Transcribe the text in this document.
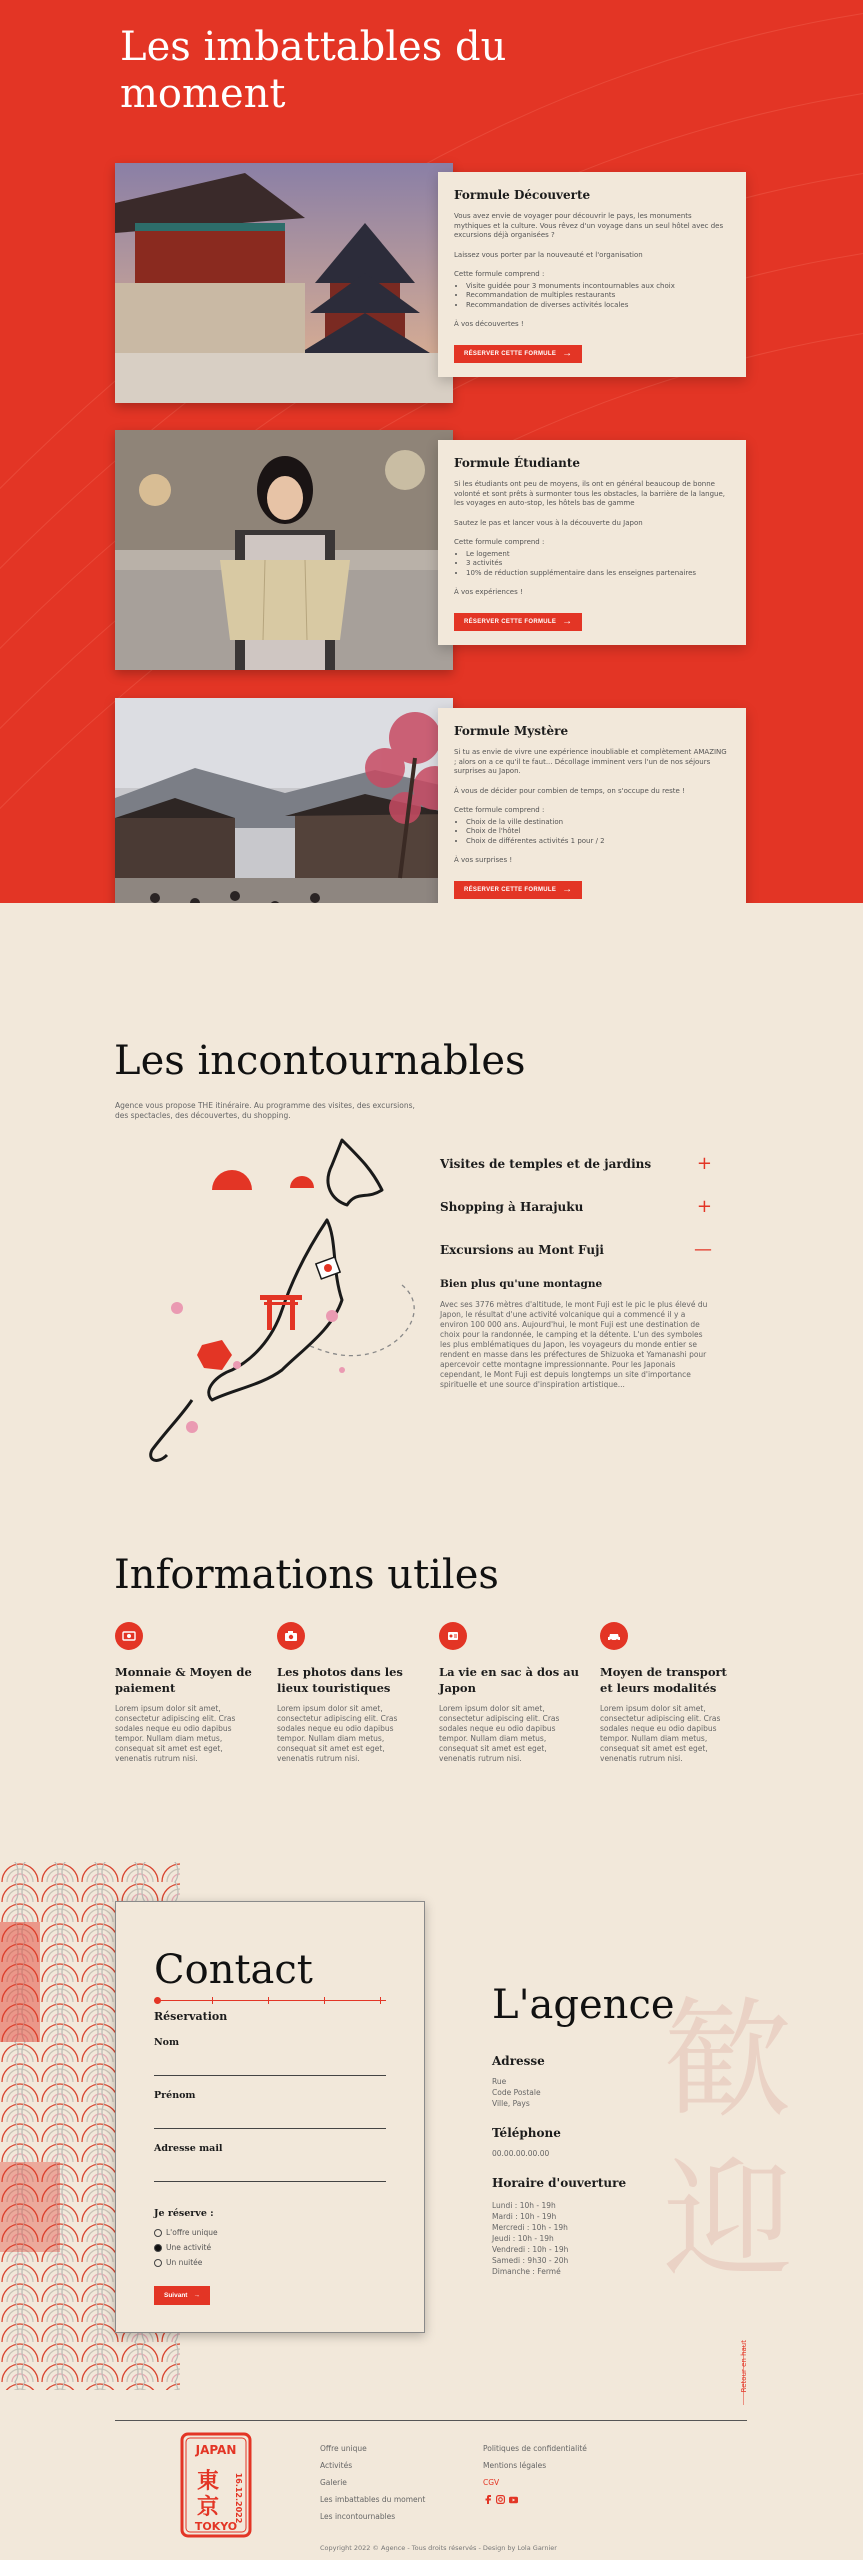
Les imbattables du moment
Formule Découverte

Vous avez envie de voyager pour découvrir le pays, les monuments mythiques et la culture. Vous rêvez d'un voyage dans un seul hôtel avec des excursions déjà organisées ?

Laissez vous porter par la nouveauté et l'organisation

Cette formule comprend :

• Visite guidée pour 3 monuments incontournables aux choix
• Recommandation de multiples restaurants
• Recommandation de diverses activités locales

À vos découvertes !

RÉSERVER CETTE FORMULE →
Formule Étudiante

Si les étudiants ont peu de moyens, ils ont en général beaucoup de bonne volonté et sont prêts à surmonter tous les obstacles, la barrière de la langue, les voyages en auto-stop, les hôtels bas de gamme

Sautez le pas et lancer vous à la découverte du Japon

Cette formule comprend :

• Le logement
• 3 activités
• 10% de réduction supplémentaire dans les enseignes partenaires

À vos expériences !

RÉSERVER CETTE FORMULE →
Formule Mystère

Si tu as envie de vivre une expérience inoubliable et complètement AMAZING ; alors on a ce qu'il te faut... Décollage imminent vers l'un de nos séjours surprises au Japon.

À vous de décider pour combien de temps, on s'occupe du reste !

Cette formule comprend :

• Choix de la ville destination
• Choix de l'hôtel
• Choix de différentes activités 1 pour / 2

À vos surprises !

RÉSERVER CETTE FORMULE →
Les incontournables

Agence vous propose THE itinéraire. Au programme des visites, des excursions, des spectacles, des découvertes, du shopping.

Visites de temples et de jardins	+
Shopping à Harajuku	+
Excursions au Mont Fuji	—
Bien plus qu'une montagne

Avec ses 3776 mètres d'altitude, le mont Fuji est le pic le plus élevé du Japon, le résultat d'une activité volcanique qui a commencé il y a environ 100 000 ans. Aujourd'hui, le mont Fuji est une destination de choix pour la randonnée, le camping et la détente. L'un des symboles les plus emblématiques du Japon, les voyageurs du monde entier se rendent en masse dans les préfectures de Shizuoka et Yamanashi pour apercevoir cette montagne impressionnante. Pour les Japonais cependant, le Mont Fuji est depuis longtemps un site d'importance spirituelle et une source d'inspiration artistique...

Informations utiles
Monnaie & Moyen de paiement

Lorem ipsum dolor sit amet, consectetur adipiscing elit. Cras sodales neque eu odio dapibus tempor. Nullam diam metus, consequat sit amet est eget, venenatis rutrum nisi.

Les photos dans les lieux touristiques

Lorem ipsum dolor sit amet, consectetur adipiscing elit. Cras sodales neque eu odio dapibus tempor. Nullam diam metus, consequat sit amet est eget, venenatis rutrum nisi.

La vie en sac à dos au Japon

Lorem ipsum dolor sit amet, consectetur adipiscing elit. Cras sodales neque eu odio dapibus tempor. Nullam diam metus, consequat sit amet est eget, venenatis rutrum nisi.

Moyen de transport et leurs modalités

Lorem ipsum dolor sit amet, consectetur adipiscing elit. Cras sodales neque eu odio dapibus tempor. Nullam diam metus, consequat sit amet est eget, venenatis rutrum nisi.

Contact
Réservation
Nom
Prénom
Adresse mail
Je réserve :
L'offre unique
Une activité
Un nuitée
Suivant →
歓迎
L'agence
Adresse
Rue
Code Postale
Ville, Pays
Téléphone
00.00.00.00.00
Horaire d'ouverture
Lundi : 10h - 19h
Mardi : 10h - 19h
Mercredi : 10h - 19h
Jeudi : 10h - 19h
Vendredi : 10h - 19h
Samedi : 9h30 - 20h
Dimanche : Fermé
Retour en haut
JAPAN
東
京 16.12.2022
TOKYO
Offre unique
Activités
Galerie
Les imbattables du moment
Les incontournables
Politiques de confidentialité
Mentions légales
CGV
Copyright 2022 © Agence - Tous droits réservés - Design by Lola Garnier
